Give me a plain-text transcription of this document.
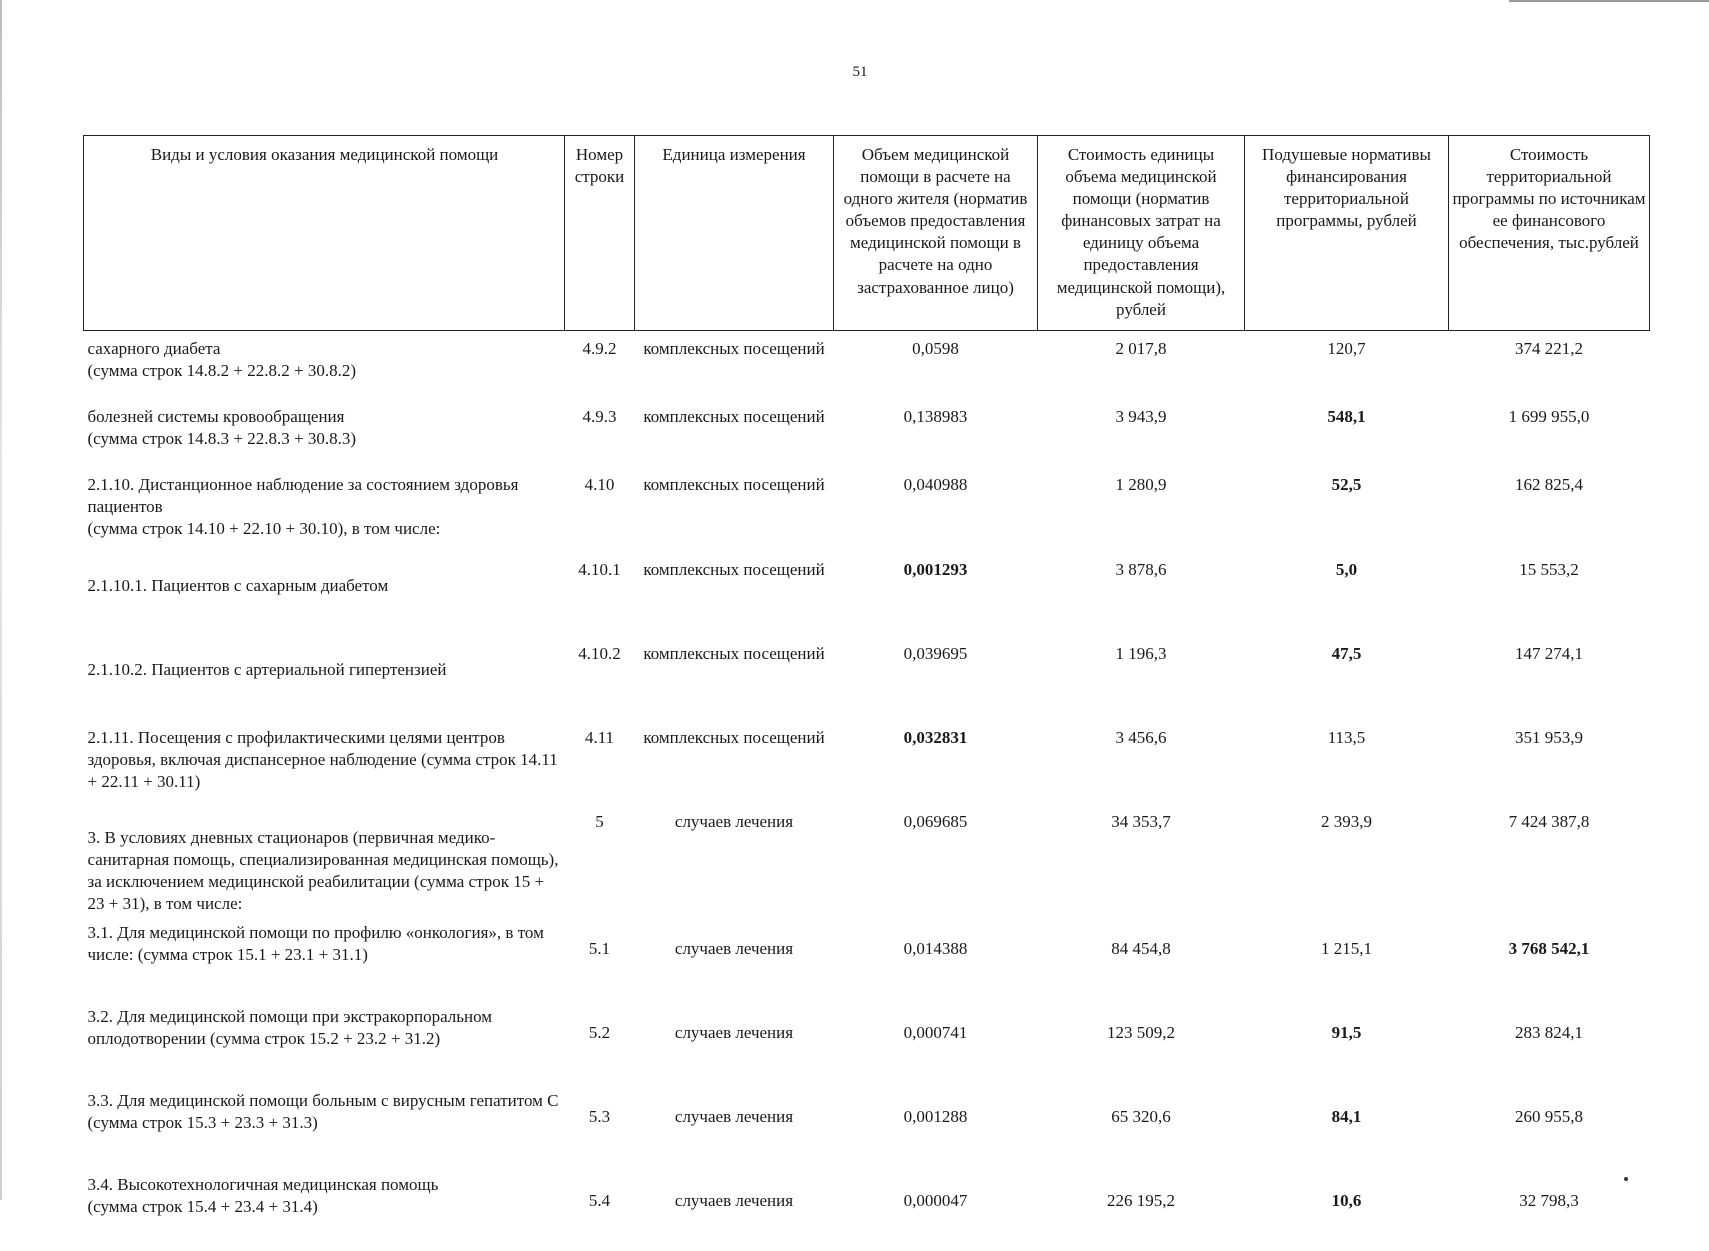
51
Виды и условия оказания медицинской помощи	Номер строки	Единица измерения	Объем медицинской помощи в расчете на одного жителя (норматив объемов предоставления медицинской помощи в расчете на одно застрахованное лицо)	Стоимость единицы объема медицинской помощи (норматив финансовых затрат на единицу объема предоставления медицинской помощи), рублей	Подушевые нормативы финансирования территориальной программы, рублей	Стоимость территориальной программы по источникам ее финансового обеспечения, тыс.рублей
сахарного диабета
(сумма строк 14.8.2 + 22.8.2 + 30.8.2)	4.9.2	комплексных посещений	0,0598	2 017,8	120,7	374 221,2
болезней системы кровообращения
(сумма строк 14.8.3 + 22.8.3 + 30.8.3)	4.9.3	комплексных посещений	0,138983	3 943,9	548,1	1 699 955,0
2.1.10. Дистанционное наблюдение за состоянием здоровья пациентов
(сумма строк 14.10 + 22.10 + 30.10), в том числе:	4.10	комплексных посещений	0,040988	1 280,9	52,5	162 825,4
2.1.10.1. Пациентов с сахарным диабетом	4.10.1	комплексных посещений	0,001293	3 878,6	5,0	15 553,2
2.1.10.2. Пациентов с артериальной гипертензией	4.10.2	комплексных посещений	0,039695	1 196,3	47,5	147 274,1
2.1.11. Посещения с профилактическими целями центров здоровья, включая диспансерное наблюдение (сумма строк 14.11 + 22.11 + 30.11)	4.11	комплексных посещений	0,032831	3 456,6	113,5	351 953,9
3. В условиях дневных стационаров (первичная медико-санитарная помощь, специализированная медицинская помощь), за исключением медицинской реабилитации (сумма строк 15 + 23 + 31), в том числе:	5	случаев лечения	0,069685	34 353,7	2 393,9	7 424 387,8
3.1. Для медицинской помощи по профилю «онкология», в том числе: (сумма строк 15.1 + 23.1 + 31.1)	5.1	случаев лечения	0,014388	84 454,8	1 215,1	3 768 542,1
3.2. Для медицинской помощи при экстракорпоральном оплодотворении (сумма строк 15.2 + 23.2 + 31.2)	5.2	случаев лечения	0,000741	123 509,2	91,5	283 824,1
3.3. Для медицинской помощи больным с вирусным гепатитом С (сумма строк 15.3 + 23.3 + 31.3)	5.3	случаев лечения	0,001288	65 320,6	84,1	260 955,8
3.4. Высокотехнологичная медицинская помощь
(сумма строк 15.4 + 23.4 + 31.4)	5.4	случаев лечения	0,000047	226 195,2	10,6	32 798,3
